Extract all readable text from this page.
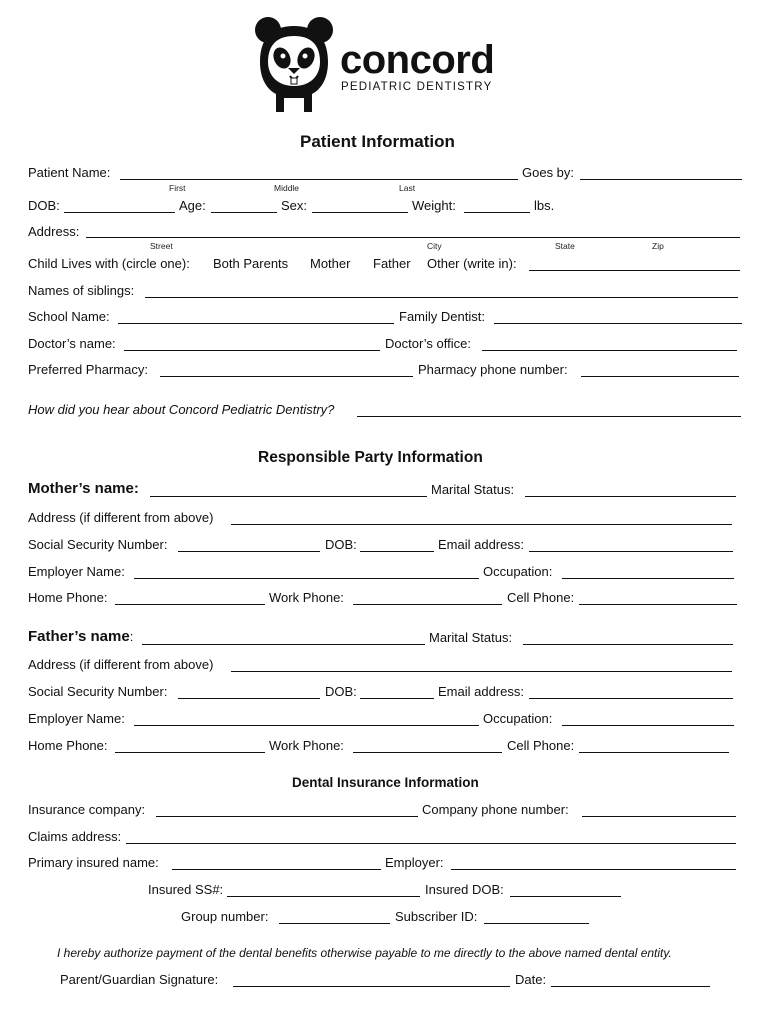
concord
PEDIATRIC DENTISTRY
Patient Information
Patient Name:	Goes by:
First	Middle	Last
DOB:	Age:	Sex:	Weight:	lbs.
Address:
Street	City	State	Zip
Child Lives with (circle one): Both Parents Mother Father Other (write in):
Names of siblings:
School Name:	Family Dentist:
Doctor’s name:	Doctor’s office:
Preferred Pharmacy:	Pharmacy phone number:
How did you hear about Concord Pediatric Dentistry?
Responsible Party Information
Mother’s name:	Marital Status:
Address (if different from above)
Social Security Number:	DOB:	Email address:
Employer Name:	Occupation:
Home Phone:	Work Phone:	Cell Phone:
Father’s name:	Marital Status:
Address (if different from above)
Social Security Number:	DOB:	Email address:
Employer Name:	Occupation:
Home Phone:	Work Phone:	Cell Phone:
Dental Insurance Information
Insurance company:	Company phone number:
Claims address:
Primary insured name:	Employer:
Insured SS#:	Insured DOB:
Group number:	Subscriber ID:
I hereby authorize payment of the dental benefits otherwise payable to me directly to the above named dental entity.
Parent/Guardian Signature:	Date:
